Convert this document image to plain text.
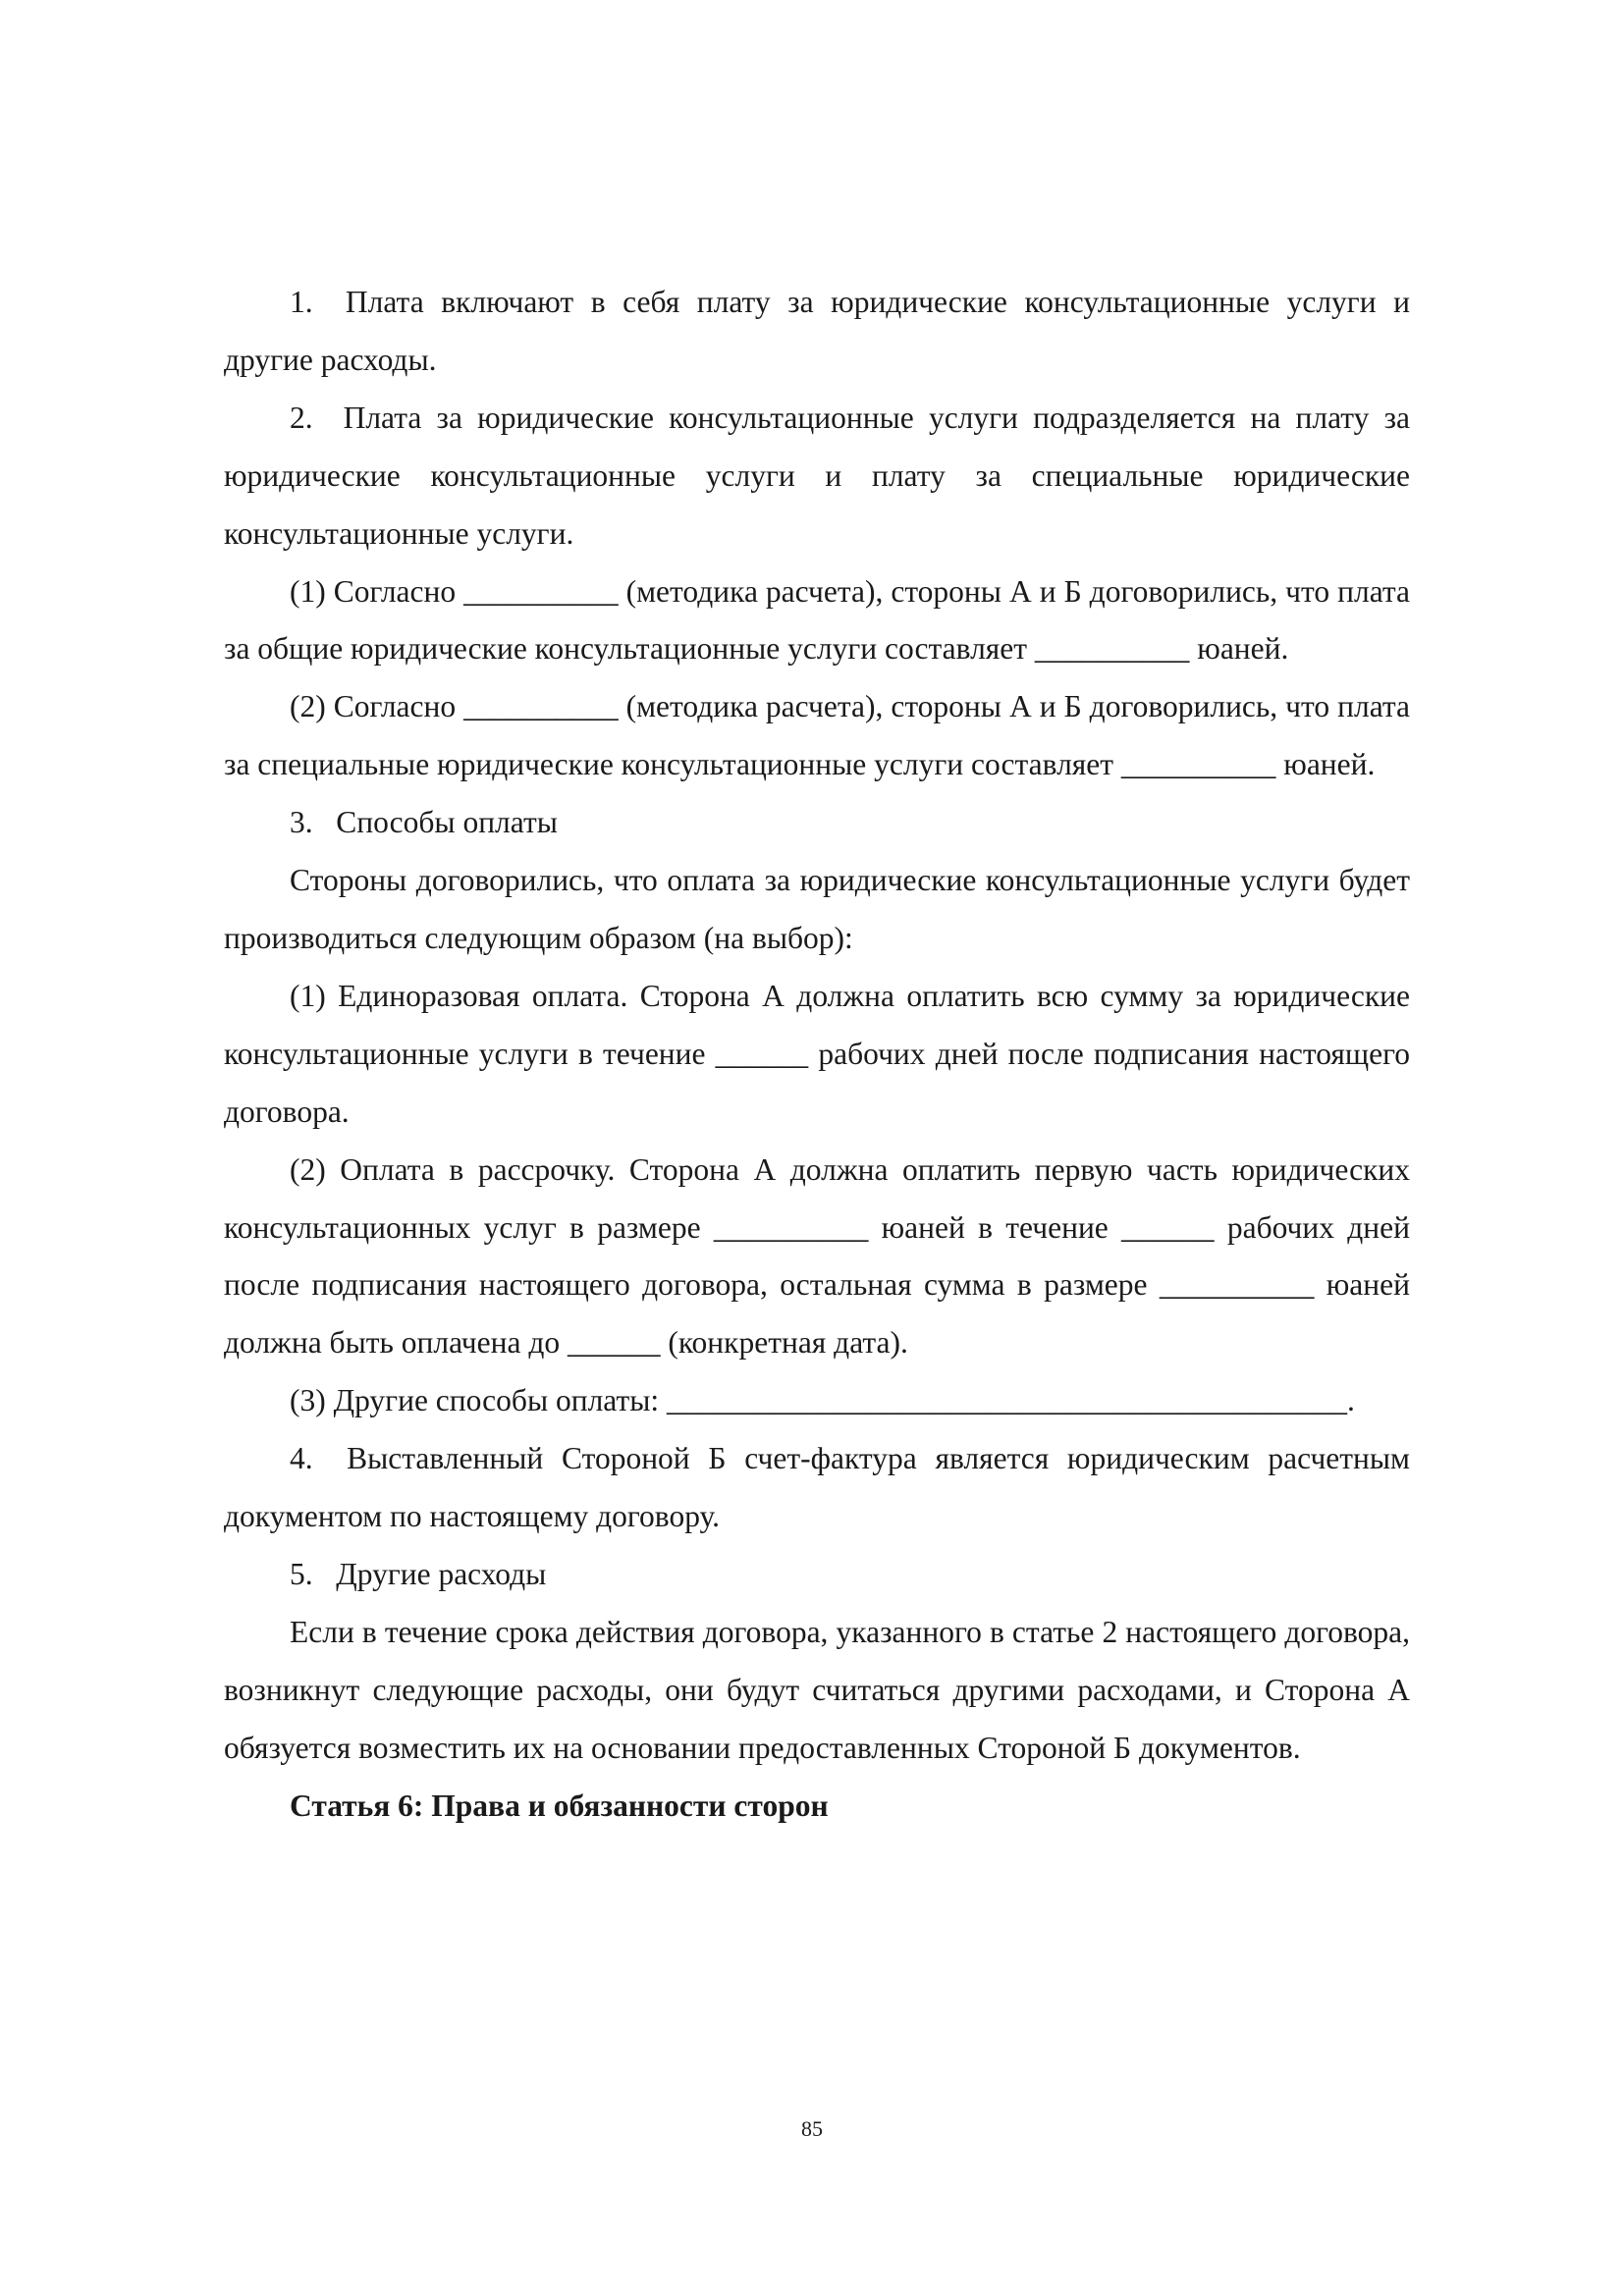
1.  Плата включают в себя плату за юридические консультационные услуги и другие расходы.

2.  Плата за юридические консультационные услуги подразделяется на плату за юридические консультационные услуги и плату за специальные юридические консультационные услуги.

(1) Согласно __________ (методика расчета), стороны А и Б договорились, что плата за общие юридические консультационные услуги составляет __________ юаней.

(2) Согласно __________ (методика расчета), стороны А и Б договорились, что плата за специальные юридические консультационные услуги составляет __________ юаней.

3.  Способы оплаты

Стороны договорились, что оплата за юридические консультационные услуги будет производиться следующим образом (на выбор):

(1) Единоразовая оплата. Сторона А должна оплатить всю сумму за юридические консультационные услуги в течение ______ рабочих дней после подписания настоящего договора.

(2) Оплата в рассрочку. Сторона А должна оплатить первую часть юридических консультационных услуг в размере __________ юаней в течение ______ рабочих дней после подписания настоящего договора, остальная сумма в размере __________ юаней должна быть оплачена до ______ (конкретная дата).

(3) Другие способы оплаты: ____________________________________________.

4.  Выставленный Стороной Б счет-фактура является юридическим расчетным документом по настоящему договору.

5.  Другие расходы

Если в течение срока действия договора, указанного в статье 2 настоящего договора, возникнут следующие расходы, они будут считаться другими расходами, и Сторона А обязуется возместить их на основании предоставленных Стороной Б документов.

Статья 6: Права и обязанности сторон

85
